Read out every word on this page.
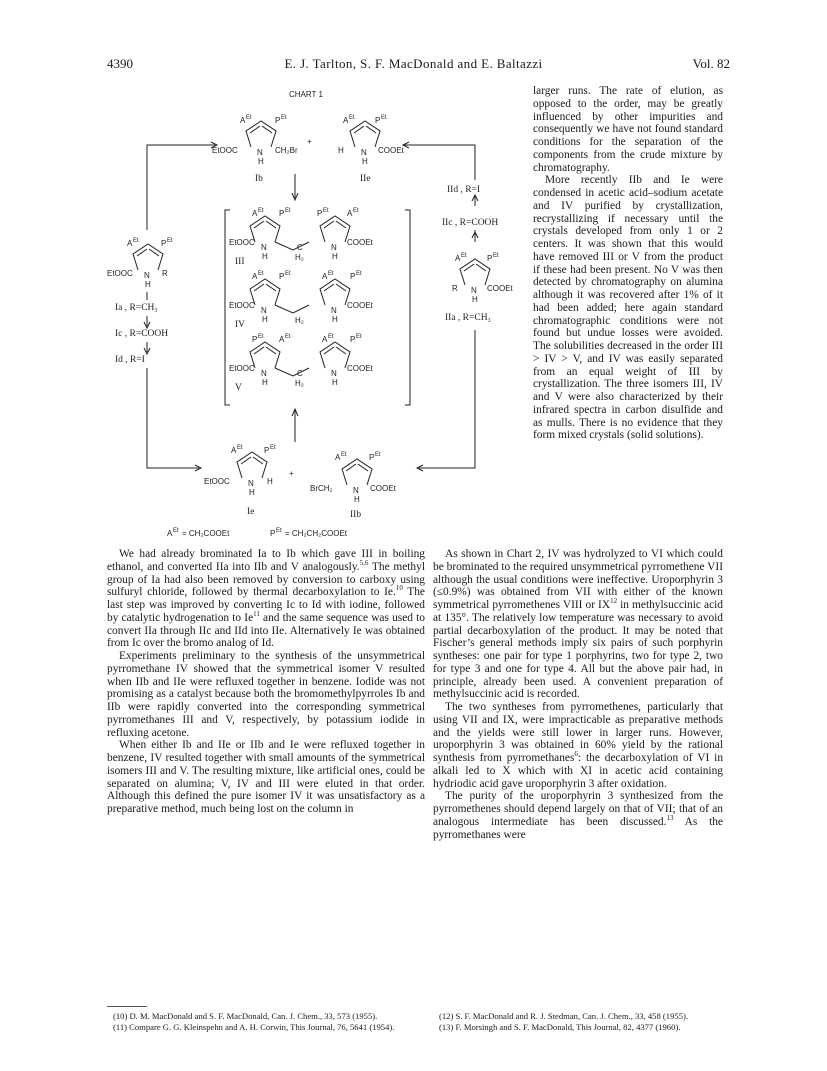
4390	E. J. Tarlton, S. F. MacDonald and E. Baltazzi	Vol. 82
CHART 1
A Et	P Et
EtOOC N
H
CH₂Br
+
Ib
A Et	P Et
H N
H
COOEt
IIe
A Et P Et	P Et A Et
EtOOC
N
H
C
H₂
N
H
COOEt
III
A Et P Et	A Et P Et
EtOOC
N
H	H₂
N
H
COOEt
IV
P Et A Et	A Et P Et
EtOOC
N
H
C
H₂
N
H
COOEt
V
A Et	P Et
EtOOC N
H
R
Ia , R=CH₃
Ic , R=COOH
Id , R=I
IId , R=I
IIc , R=COOH
A Et	P Et
R N
H
COOEt
IIa , R=CH₃
A Et	P Et
EtOOC N
H
H
+
Ie
A Et	P Et
BrCH₂	N
H
COOEt
IIb
A Et = CH₂COOEt	P Et = CH₂CH₂COOEt

larger runs. The rate of elution, as opposed to the order, may be greatly influenced by other impurities and consequently we have not found standard conditions for the separation of the components from the crude mixture by chromatography.

More recently IIb and Ie were condensed in acetic acid–sodium acetate and IV purified by crystallization, recrystallizing if necessary until the crystals developed from only 1 or 2 centers. It was shown that this would have removed III or V from the product if these had been present. No V was then detected by chromatography on alumina although it was recovered after 1% of it had been added; here again standard chromatographic conditions were not found but undue losses were avoided. The solubilities decreased in the order III > IV > V, and IV was easily separated from an equal weight of III by crystallization. The three isomers III, IV and V were also characterized by their infrared spectra in carbon disulfide and as mulls. There is no evidence that they form mixed crystals (solid solutions).

We had already brominated Ia to Ib which gave III in boiling ethanol, and converted IIa into IIb and V analogously.$^{5,6}$ The methyl group of Ia had also been removed by conversion to carboxy using sulfuryl chloride, followed by thermal decarboxylation to Ie.$^{10}$ The last step was improved by converting Ic to Id with iodine, followed by catalytic hydrogenation to Ie$^{11}$ and the same sequence was used to convert IIa through IIc and IId into IIe. Alternatively Ie was obtained from Ic over the bromo analog of Id.

Experiments preliminary to the synthesis of the unsymmetrical pyrromethane IV showed that the symmetrical isomer V resulted when IIb and IIe were refluxed together in benzene. Iodide was not promising as a catalyst because both the bromomethylpyrroles Ib and IIb were rapidly converted into the corresponding symmetrical pyrromethanes III and V, respectively, by potassium iodide in refluxing acetone.

When either Ib and IIe or IIb and Ie were refluxed together in benzene, IV resulted together with small amounts of the symmetrical isomers III and V. The resulting mixture, like artificial ones, could be separated on alumina; V, IV and III were eluted in that order. Although this defined the pure isomer IV it was unsatisfactory as a preparative method, much being lost on the column in

As shown in Chart 2, IV was hydrolyzed to VI which could be brominated to the required unsymmetrical pyrromethene VII although the usual conditions were ineffective. Uroporphyrin 3 (≤0.9%) was obtained from VII with either of the known symmetrical pyrromethenes VIII or IX$^{12}$ in methylsuccinic acid at 135°. The relatively low temperature was necessary to avoid partial decarboxylation of the product. It may be noted that Fischer’s general methods imply six pairs of such porphyrin syntheses: one pair for type 1 porphyrins, two for type 2, two for type 3 and one for type 4. All but the above pair had, in principle, already been used. A convenient preparation of methylsuccinic acid is recorded.

The two syntheses from pyrromethenes, particularly that using VII and IX, were impracticable as preparative methods and the yields were still lower in larger runs. However, uroporphyrin 3 was obtained in 60% yield by the rational synthesis from pyrromethanes$^6$: the decarboxylation of VI in alkali led to X which with XI in acetic acid containing hydriodic acid gave uroporphyrin 3 after oxidation.

The purity of the uroporphyrin 3 synthesized from the pyrromethenes should depend largely on that of VII; that of an analogous intermediate has been discussed.$^{13}$ As the pyrromethanes were

(10) D. M. MacDonald and S. F. MacDonald, Can. J. Chem., 33, 573 (1955).

(11) Compare G. G. Kleinspehn and A. H. Corwin, This Journal, 76, 5641 (1954).

(12) S. F. MacDonald and R. J. Stedman, Can. J. Chem., 33, 458 (1955).

(13) F. Morsingh and S. F. MacDonald, This Journal, 82, 4377 (1960).
